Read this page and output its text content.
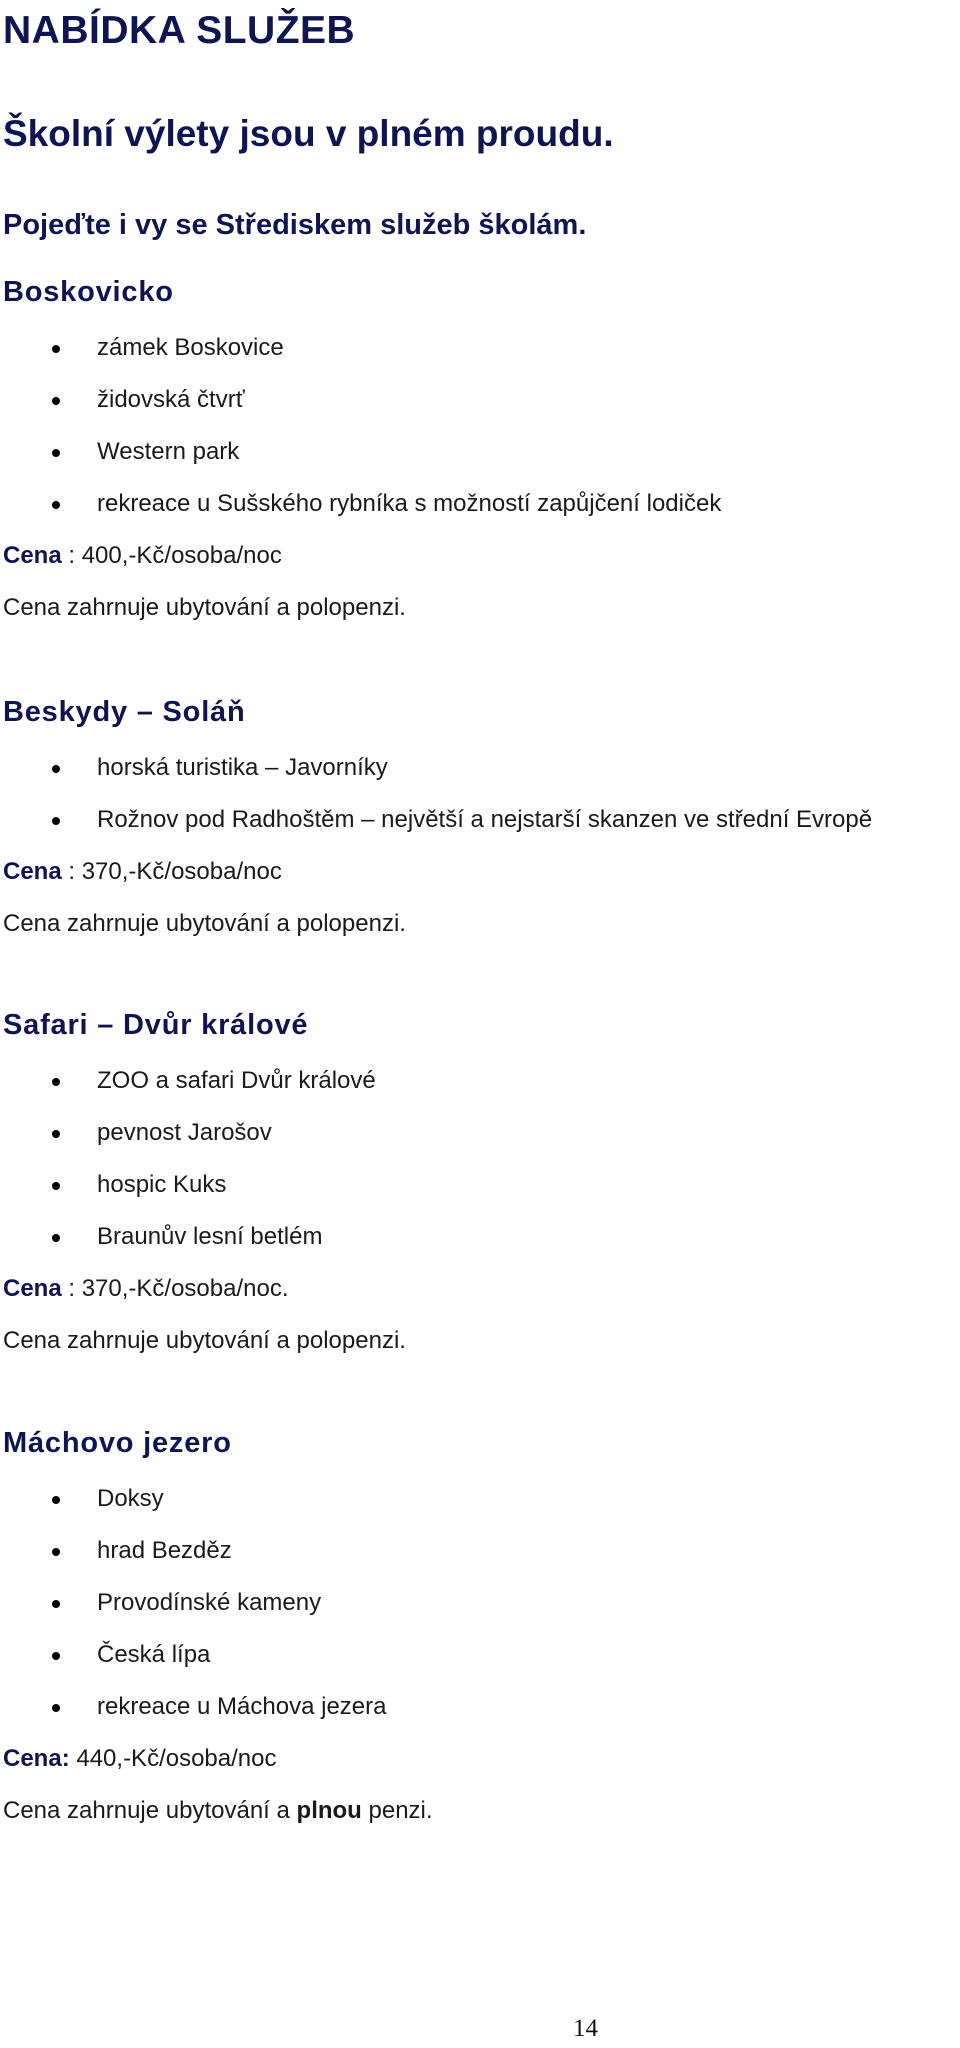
NABÍDKA SLUŽEB
Školní výlety jsou v plném proudu.
Pojeďte i vy se Střediskem služeb školám.
Boskovicko
zámek Boskovice
židovská čtvrť
Western park
rekreace u Sušského rybníka s možností zapůjčení lodiček

Cena : 400,-Kč/osoba/noc

Cena zahrnuje ubytování a polopenzi.

Beskydy – Soláň
horská turistika – Javorníky
Rožnov pod Radhoštěm – největší a nejstarší skanzen ve střední Evropě

Cena : 370,-Kč/osoba/noc

Cena zahrnuje ubytování a polopenzi.

Safari – Dvůr králové
ZOO a safari Dvůr králové
pevnost Jarošov
hospic Kuks
Braunův lesní betlém

Cena : 370,-Kč/osoba/noc.

Cena zahrnuje ubytování a polopenzi.

Máchovo jezero
Doksy
hrad Bezděz
Provodínské kameny
Česká lípa
rekreace u Máchova jezera

Cena: 440,-Kč/osoba/noc

Cena zahrnuje ubytování a plnou penzi.

14
